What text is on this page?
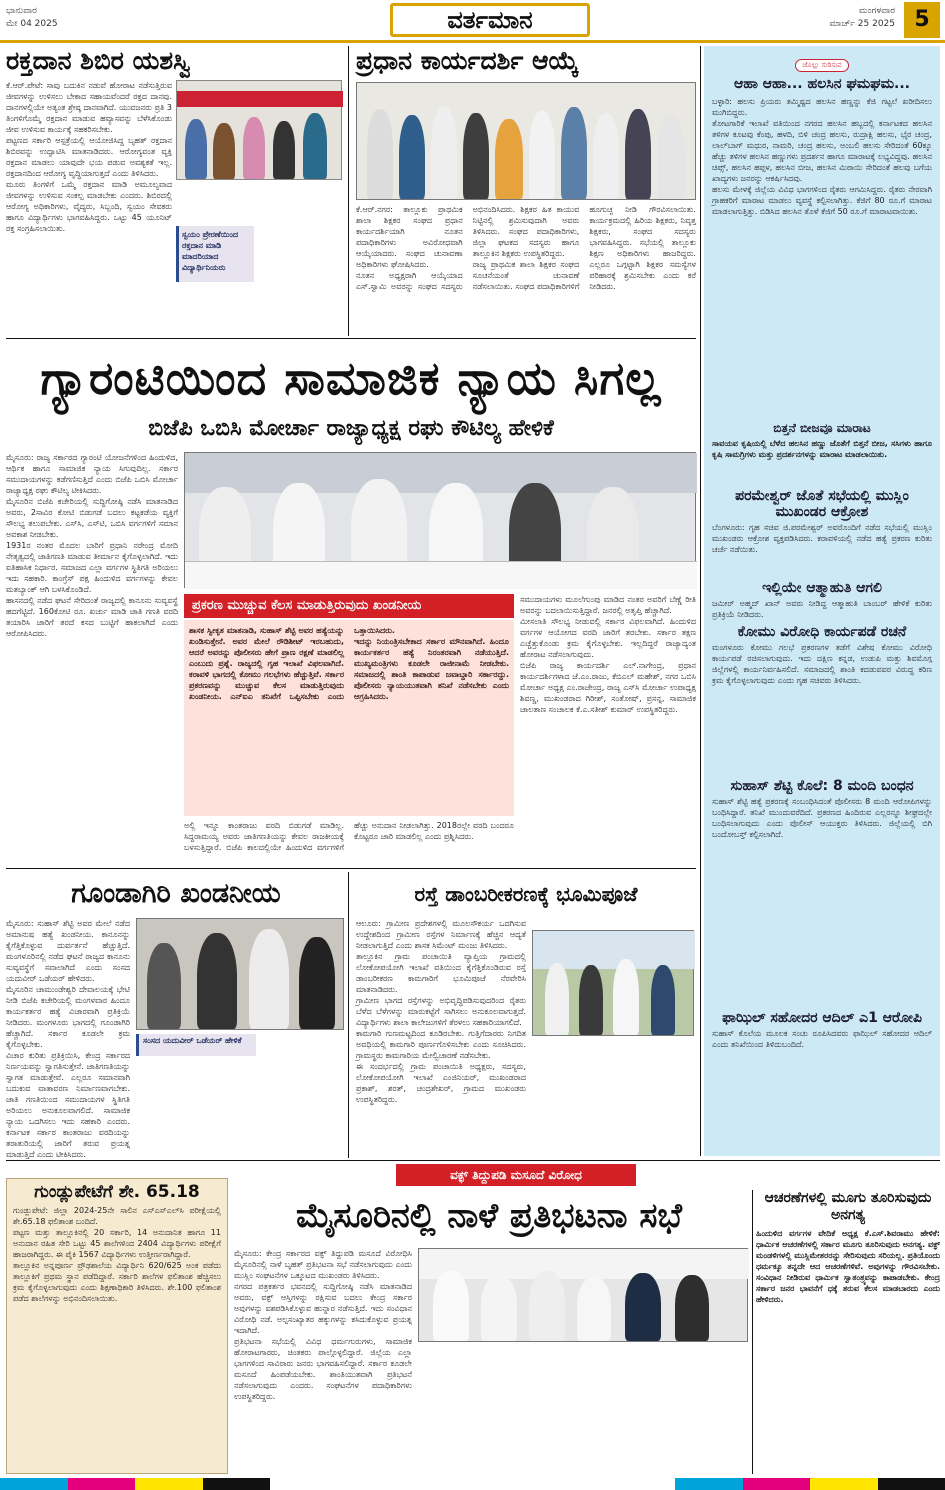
ಭಾನುವಾರ
ಮೇ 04 2025	ವರ್ತಮಾನ	ಮಂಗಳವಾರ
ಮಾರ್ಚ್ 25 2025 5
ರಕ್ತದಾನ ಶಿಬಿರ ಯಶಸ್ವಿ
ಕೆ.ಆರ್.ಪೇಟೆ: ಸಾವು ಬದುಕಿನ ನಡುವೆ ಹೋರಾಟ ನಡೆಸುತ್ತಿರುವ ಜೀವಗಳನ್ನು ಉಳಿಸಲು ಬೇಕಾದ ಸಹಾಯವೆಂದರೆ ರಕ್ತದ ದಾನವು. ದಾನಗಳಲ್ಲಿಯೇ ಅತ್ಯಂತ ಶ್ರೇಷ್ಠ ದಾನವಾಗಿದೆ. ಯುವಜನರು ಪ್ರತಿ 3 ತಿಂಗಳಿಗೊಮ್ಮೆ ರಕ್ತದಾನ ಮಾಡುವ ಹವ್ಯಾಸವನ್ನು ಬೆಳೆಸಿಕೊಂಡು ಜೀವ ಉಳಿಸುವ ಕಾರ್ಯಕ್ಕೆ ಸಹಕರಿಸಬೇಕು.
ಪಟ್ಟಣದ ಸರ್ಕಾರಿ ಆಸ್ಪತ್ರೆಯಲ್ಲಿ ಆಯೋಜಿಸಿದ್ದ ಬೃಹತ್ ರಕ್ತದಾನ ಶಿಬಿರವನ್ನು ಉದ್ಘಾಟಿಸಿ ಮಾತನಾಡಿದರು. ಆರೋಗ್ಯವಂತ ವ್ಯಕ್ತಿ ರಕ್ತದಾನ ಮಾಡಲು ಯಾವುದೇ ಭಯ ಪಡುವ ಅವಶ್ಯಕತೆ ಇಲ್ಲ. ರಕ್ತದಾನದಿಂದ ಆರೋಗ್ಯ ವೃದ್ಧಿಯಾಗುತ್ತದೆ ಎಂದು ತಿಳಿಸಿದರು.
ಮೂರು ತಿಂಗಳಿಗೆ ಒಮ್ಮೆ ರಕ್ತದಾನ ಮಾಡಿ ಅಮೂಲ್ಯವಾದ ಜೀವಗಳನ್ನು ಉಳಿಸುವ ಸಂಕಲ್ಪ ಮಾಡಬೇಕು ಎಂದರು. ಶಿಬಿರದಲ್ಲಿ ಆರೋಗ್ಯ ಅಧಿಕಾರಿಗಳು, ವೈದ್ಯರು, ಸಿಬ್ಬಂದಿ, ಸ್ವಯಂ ಸೇವಕರು ಹಾಗೂ ವಿದ್ಯಾರ್ಥಿಗಳು ಭಾಗವಹಿಸಿದ್ದರು. ಒಟ್ಟು 45 ಯೂನಿಟ್ ರಕ್ತ ಸಂಗ್ರಹಿಸಲಾಯಿತು.
ಸ್ವಯಂ ಪ್ರೇರಣೆಯಿಂದ ರಕ್ತದಾನ ಮಾಡಿ ಮಾದರಿಯಾದ ವಿದ್ಯಾರ್ಥಿನಿಯರು
ಪ್ರಧಾನ ಕಾರ್ಯದರ್ಶಿ ಆಯ್ಕೆ
ಕೆ.ಆರ್.ನಗರ: ತಾಲ್ಲೂಕು ಪ್ರಾಥಮಿಕ ಶಾಲಾ ಶಿಕ್ಷಕರ ಸಂಘದ ಪ್ರಧಾನ ಕಾರ್ಯದರ್ಶಿಯಾಗಿ ನೂತನ ಪದಾಧಿಕಾರಿಗಳು ಅವಿರೋಧವಾಗಿ ಆಯ್ಕೆಯಾದರು. ಸಂಘದ ಚುನಾವಣಾ ಅಧಿಕಾರಿಗಳು ಘೋಷಿಸಿದರು.
ನೂತನ ಅಧ್ಯಕ್ಷರಾಗಿ ಆಯ್ಕೆಯಾದ ಎಸ್.ಸ್ವಾಮಿ ಅವರನ್ನು ಸಂಘದ ಸದಸ್ಯರು ಅಭಿನಂದಿಸಿದರು. ಶಿಕ್ಷಕರ ಹಿತ ಕಾಯುವ ನಿಟ್ಟಿನಲ್ಲಿ ಶ್ರಮಿಸುವುದಾಗಿ ಅವರು ತಿಳಿಸಿದರು. ಸಂಘದ ಪದಾಧಿಕಾರಿಗಳು, ಜಿಲ್ಲಾ ಘಟಕದ ಸದಸ್ಯರು ಹಾಗೂ ತಾಲ್ಲೂಕಿನ ಶಿಕ್ಷಕರು ಉಪಸ್ಥಿತರಿದ್ದರು.
ರಾಜ್ಯ ಪ್ರಾಥಮಿಕ ಶಾಲಾ ಶಿಕ್ಷಕರ ಸಂಘದ ಸೂಚನೆಯಂತೆ ಚುನಾವಣೆ ನಡೆಸಲಾಯಿತು. ಸಂಘದ ಪದಾಧಿಕಾರಿಗಳಿಗೆ ಹೂಗುಚ್ಛ ನೀಡಿ ಗೌರವಿಸಲಾಯಿತು. ಕಾರ್ಯಕ್ರಮದಲ್ಲಿ ಹಿರಿಯ ಶಿಕ್ಷಕರು, ನಿವೃತ್ತ ಶಿಕ್ಷಕರು, ಸಂಘದ ಸದಸ್ಯರು ಭಾಗವಹಿಸಿದ್ದರು. ಸಭೆಯಲ್ಲಿ ತಾಲ್ಲೂಕು ಶಿಕ್ಷಣ ಅಧಿಕಾರಿಗಳು ಹಾಜರಿದ್ದರು. ಎಲ್ಲರೂ ಒಗ್ಗಟ್ಟಾಗಿ ಶಿಕ್ಷಕರ ಸಮಸ್ಯೆಗಳ ಪರಿಹಾರಕ್ಕೆ ಶ್ರಮಿಸಬೇಕು ಎಂದು ಕರೆ ನೀಡಿದರು.
ಜೊಲ್ಲು ಸುರಿಸುವ
ಆಹಾ ಆಹಾ... ಹಲಸಿನ ಘಮಘಮ...
ಬಳ್ಳಾರಿ: ಹಲಸು ಪ್ರಿಯರು ತಮ್ಮಿಷ್ಟದ ಹಲಸಿನ ಹಣ್ಣನ್ನು ಕೆಜಿ ಗಟ್ಟಲೆ ಖರೀದಿಸಲು ಮುಗಿಬಿದ್ದರು.
ತೋಟಗಾರಿಕೆ ಇಲಾಖೆ ವತಿಯಿಂದ ನಗರದ ಹಲಸಿನ ಹಬ್ಬದಲ್ಲಿ ಕರ್ನಾಟಕದ ಹಲಸಿನ ತಳಿಗಳ ಕೂಟವು ಕೆಂಪು, ಹಳದಿ, ಬಿಳಿ ಚಂದ್ರ ಹಲಸು, ರುದ್ರಾಕ್ಷಿ ಹಲಸು, ಭೈರ ಚಂದ್ರ, ಲಾಲ್‌ಬಾಗ್ ಮಧುರ, ನಾಮರಿ, ಚಂದ್ರ ಹಲಸು, ಅಂಬಲಿ ಹಲಸು ಸೇರಿದಂತೆ 60ಕ್ಕೂ ಹೆಚ್ಚು ತಳಿಗಳ ಹಲಸಿನ ಹಣ್ಣುಗಳು ಪ್ರದರ್ಶನ ಹಾಗೂ ಮಾರಾಟಕ್ಕೆ ಲಭ್ಯವಿದ್ದವು. ಹಲಸಿನ ಚಿಪ್ಸ್, ಹಲಸಿನ ಹಪ್ಪಳ, ಹಲಸಿನ ಬೀಜ, ಹಲಸಿನ ಮಿಠಾಯಿ ಸೇರಿದಂತೆ ಹಲವು ಬಗೆಯ ಖಾದ್ಯಗಳು ಜನರನ್ನು ಆಕರ್ಷಿಸಿದವು.
ಹಲಸು ಮೇಳಕ್ಕೆ ಜಿಲ್ಲೆಯ ವಿವಿಧ ಭಾಗಗಳಿಂದ ರೈತರು ಆಗಮಿಸಿದ್ದರು. ರೈತರು ನೇರವಾಗಿ ಗ್ರಾಹಕರಿಗೆ ಮಾರಾಟ ಮಾಡಲು ವ್ಯವಸ್ಥೆ ಕಲ್ಪಿಸಲಾಗಿತ್ತು. ಕೆಜಿಗೆ 80 ರೂ.ಗೆ ಮಾರಾಟ ಮಾಡಲಾಗುತ್ತಿತ್ತು. ಬಿಡಿಸಿದ ಹಲಸಿನ ತೊಳೆ ಕೆಜಿಗೆ 50 ರೂ.ಗೆ ಮಾರಾಟವಾಯಿತು.
ಬಿತ್ತನೆ ಬೀಜವೂ ಮಾರಾಟ
ಸಾವಯವ ಕೃಷಿಯಲ್ಲಿ ಬೆಳೆದ ಹಲಸಿನ ಹಣ್ಣು ಜೊತೆಗೆ ಬಿತ್ತನೆ ಬೀಜ, ಸಸಿಗಳು ಹಾಗೂ ಕೃಷಿ ಸಾಮಗ್ರಿಗಳು ಮತ್ತು ಪ್ರದರ್ಶನಗಳನ್ನು ಮಾರಾಟ ಮಾಡಲಾಯಿತು.
ಪರಮೇಶ್ವರ್ ಜೊತೆ ಸಭೆಯಲ್ಲಿ ಮುಸ್ಲಿಂ ಮುಖಂಡರ ಆಕ್ರೋಶ
ಬೆಂಗಳೂರು: ಗೃಹ ಸಚಿವ ಜಿ.ಪರಮೇಶ್ವರ್ ಅವರೊಂದಿಗೆ ನಡೆದ ಸಭೆಯಲ್ಲಿ ಮುಸ್ಲಿಂ ಮುಖಂಡರು ಆಕ್ರೋಶ ವ್ಯಕ್ತಪಡಿಸಿದರು. ಕರಾವಳಿಯಲ್ಲಿ ನಡೆದ ಹತ್ಯೆ ಪ್ರಕರಣ ಕುರಿತು ಚರ್ಚೆ ನಡೆಯಿತು.
ಇಲ್ಲಿಯೇ ಆತ್ಮಾಹುತಿ ಆಗಲಿ
ಜಮೀರ್ ಅಹ್ಮದ್ ಖಾನ್ ಅವರು ನೀಡಿದ್ದ ಆತ್ಮಾಹುತಿ ಬಾಂಬರ್ ಹೇಳಿಕೆ ಕುರಿತು ಪ್ರತಿಕ್ರಿಯೆ ನೀಡಿದರು.
ಕೋಮು ವಿರೋಧಿ ಕಾರ್ಯಪಡೆ ರಚನೆ
ಮಂಗಳೂರು ಕೋಮು ಗಲಭೆ ಪ್ರಕರಣಗಳ ತಡೆಗೆ ವಿಶೇಷ ಕೋಮು ವಿರೋಧಿ ಕಾರ್ಯಪಡೆ ರಚಿಸಲಾಗುವುದು. ಇದು ದಕ್ಷಿಣ ಕನ್ನಡ, ಉಡುಪಿ ಮತ್ತು ಶಿವಮೊಗ್ಗ ಜಿಲ್ಲೆಗಳಲ್ಲಿ ಕಾರ್ಯನಿರ್ವಹಿಸಲಿದೆ. ಸಮಾಜದಲ್ಲಿ ಶಾಂತಿ ಕದಡುವವರ ವಿರುದ್ಧ ಕಠಿಣ ಕ್ರಮ ಕೈಗೊಳ್ಳಲಾಗುವುದು ಎಂದು ಗೃಹ ಸಚಿವರು ತಿಳಿಸಿದರು.
ಸುಹಾಸ್ ಶೆಟ್ಟಿ ಕೊಲೆ: 8 ಮಂದಿ ಬಂಧನ
ಸುಹಾಸ್ ಶೆಟ್ಟಿ ಹತ್ಯೆ ಪ್ರಕರಣಕ್ಕೆ ಸಂಬಂಧಿಸಿದಂತೆ ಪೊಲೀಸರು 8 ಮಂದಿ ಆರೋಪಿಗಳನ್ನು ಬಂಧಿಸಿದ್ದಾರೆ. ತನಿಖೆ ಮುಂದುವರೆದಿದೆ. ಪ್ರಕರಣದ ಹಿಂದಿರುವ ಎಲ್ಲರನ್ನೂ ಶೀಘ್ರದಲ್ಲೇ ಬಂಧಿಸಲಾಗುವುದು ಎಂದು ಪೊಲೀಸ್ ಆಯುಕ್ತರು ತಿಳಿಸಿದರು. ಜಿಲ್ಲೆಯಲ್ಲಿ ಬಿಗಿ ಬಂದೋಬಸ್ತ್ ಕಲ್ಪಿಸಲಾಗಿದೆ.
ಫಾಝಿಲ್ ಸಹೋದರ ಆದಿಲ್ ಎ1 ಆರೋಪಿ
ಸುಹಾಸ್ ಕೊಲೆಯ ಮೂಲಕ ಸಂಚು ರೂಪಿಸಿದವರು ಫಾಝಿಲ್ ಸಹೋದರ ಆದಿಲ್ ಎಂದು ತನಿಖೆಯಿಂದ ತಿಳಿದುಬಂದಿದೆ.
ಗ್ಯಾರಂಟಿಯಿಂದ ಸಾಮಾಜಿಕ ನ್ಯಾಯ ಸಿಗಲ್ಲ
ಬಿಜೆಪಿ ಒಬಿಸಿ ಮೋರ್ಚಾ ರಾಜ್ಯಾಧ್ಯಕ್ಷ ರಘು ಕೌಟಿಲ್ಯ ಹೇಳಿಕೆ
ಮೈಸೂರು: ರಾಜ್ಯ ಸರ್ಕಾರದ ಗ್ಯಾರಂಟಿ ಯೋಜನೆಗಳಿಂದ ಹಿಂದುಳಿದ, ಆರ್ಥಿಕ ಹಾಗೂ ಸಾಮಾಜಿಕ ನ್ಯಾಯ ಸಿಗುವುದಿಲ್ಲ. ಸರ್ಕಾರ ಸಮುದಾಯಗಳನ್ನು ಕಡೆಗಣಿಸುತ್ತಿದೆ ಎಂದು ಬಿಜೆಪಿ ಒಬಿಸಿ ಮೋರ್ಚಾ ರಾಜ್ಯಾಧ್ಯಕ್ಷ ರಘು ಕೌಟಿಲ್ಯ ಟೀಕಿಸಿದರು.
ಮೈಸೂರಿನ ಬಿಜೆಪಿ ಕಚೇರಿಯಲ್ಲಿ ಸುದ್ದಿಗೋಷ್ಠಿ ನಡೆಸಿ ಮಾತನಾಡಿದ ಅವರು, 2ಸಾವಿರ ಕೋಟಿ ಬಿಡುಗಡೆ ಬದಲು ಕಟ್ಟಕಡೆಯ ವ್ಯಕ್ತಿಗೆ ಸೌಲಭ್ಯ ತಲುಪಬೇಕು. ಎಸ್‌ಸಿ, ಎಸ್‌ಟಿ, ಒಬಿಸಿ ವರ್ಗಗಳಿಗೆ ಸಮಾನ ಅವಕಾಶ ನೀಡಬೇಕು.
1931ರ ನಂತರ ಮೊದಲ ಬಾರಿಗೆ ಪ್ರಧಾನಿ ನರೇಂದ್ರ ಮೋದಿ ನೇತೃತ್ವದಲ್ಲಿ ಜಾತಿಗಣತಿ ಮಾಡುವ ತೀರ್ಮಾನ ಕೈಗೊಳ್ಳಲಾಗಿದೆ. ಇದು ಐತಿಹಾಸಿಕ ನಿರ್ಧಾರ. ಸಮಾಜದ ಎಲ್ಲಾ ವರ್ಗಗಳ ಸ್ಥಿತಿಗತಿ ಅರಿಯಲು ಇದು ಸಹಕಾರಿ. ಕಾಂಗ್ರೆಸ್ ಪಕ್ಷ ಹಿಂದುಳಿದ ವರ್ಗಗಳನ್ನು ಕೇವಲ ಮತಬ್ಯಾಂಕ್ ಆಗಿ ಬಳಸಿಕೊಂಡಿದೆ.
ಹಾಸನದಲ್ಲಿ ನಡೆದ ಘಟನೆ ಸೇರಿದಂತೆ ರಾಜ್ಯದಲ್ಲಿ ಕಾನೂನು ಸುವ್ಯವಸ್ಥೆ ಹದಗೆಟ್ಟಿದೆ. 160ಕೋಟಿ ರೂ. ಖರ್ಚು ಮಾಡಿ ಜಾತಿ ಗಣತಿ ವರದಿ ತಯಾರಿಸಿ ಜಾರಿಗೆ ತರದೆ ಕಸದ ಬುಟ್ಟಿಗೆ ಹಾಕಲಾಗಿದೆ ಎಂದು ಆರೋಪಿಸಿದರು.
ಸಮುದಾಯಗಳು ಮೂಲೆಗುಂಪು ಮಾಡಿದ ನಂತರ ಅವರಿಗೆ ಬೆಣ್ಣೆ ರೀತಿ ಅವರನ್ನು ಬದಲಾಯಿಸುತ್ತಿದ್ದಾರೆ. ಜನರಲ್ಲಿ ಅತೃಪ್ತಿ ಹೆಚ್ಚಾಗಿದೆ.
ಮೀಸಲಾತಿ ಸೌಲಭ್ಯ ನೀಡುವಲ್ಲಿ ಸರ್ಕಾರ ವಿಫಲವಾಗಿದೆ. ಹಿಂದುಳಿದ ವರ್ಗಗಳ ಆಯೋಗದ ವರದಿ ಜಾರಿಗೆ ತರಬೇಕು. ಸರ್ಕಾರ ತಕ್ಷಣ ಎಚ್ಚೆತ್ತುಕೊಂಡು ಕ್ರಮ ಕೈಗೊಳ್ಳಬೇಕು. ಇಲ್ಲದಿದ್ದರೆ ರಾಜ್ಯಾದ್ಯಂತ ಹೋರಾಟ ನಡೆಸಲಾಗುವುದು.
ಬಿಜೆಪಿ ರಾಜ್ಯ ಕಾರ್ಯದರ್ಶಿ ಎಲ್.ನಾಗೇಂದ್ರ, ಪ್ರಧಾನ ಕಾರ್ಯದರ್ಶಿಗಳಾದ ಜೆ.ಎಂ.ರಾಜು, ಕೆಬಿಎಲ್ ಮಹೇಶ್, ನಗರ ಒಬಿಸಿ ಮೋರ್ಚಾ ಅಧ್ಯಕ್ಷ ಎಂ.ರಾಜೇಂದ್ರ, ರಾಜ್ಯ ಎಸ್‌ಸಿ ಮೋರ್ಚಾ ಉಪಾಧ್ಯಕ್ಷ ಶಿವಣ್ಣ, ಮುಖಂಡರಾದ ಗಿರೀಶ್, ಸಂತೋಷ್, ಪ್ರಸನ್ನ, ಸಾಮಾಜಿಕ ಜಾಲತಾಣ ಸಂಚಾಲಕ ಕೆ.ಎ.ಸತೀಶ್ ಕುಮಾರ್ ಉಪಸ್ಥಿತರಿದ್ದರು.
ಪ್ರಕರಣ ಮುಚ್ಚುವ ಕೆಲಸ ಮಾಡುತ್ತಿರುವುದು ಖಂಡನೀಯ
ಶಾಸಕ ಸ್ವೀಕೃತ ಮಾತನಾಡಿ, ಸುಹಾಸ್ ಶೆಟ್ಟಿ ಅವರ ಹತ್ಯೆಯನ್ನು ಖಂಡಿಸುತ್ತೇನೆ. ಅವರ ಮೇಲೆ ರೌಡಿಶೀಟ್ ಇರಬಹುದು, ಆದರೆ ಅವರನ್ನು ಪೊಲೀಸರು ಹೇಗೆ ಪ್ರಾಣ ರಕ್ಷಣೆ ಮಾಡಲಿಲ್ಲ ಎಂಬುದು ಪ್ರಶ್ನೆ. ರಾಜ್ಯದಲ್ಲಿ ಗೃಹ ಇಲಾಖೆ ವಿಫಲವಾಗಿದೆ. ಕರಾವಳಿ ಭಾಗದಲ್ಲಿ ಕೋಮು ಗಲಭೆಗಳು ಹೆಚ್ಚುತ್ತಿವೆ. ಸರ್ಕಾರ ಪ್ರಕರಣವನ್ನು ಮುಚ್ಚುವ ಕೆಲಸ ಮಾಡುತ್ತಿರುವುದು ಖಂಡನೀಯ. ಎನ್ಐಎ ತನಿಖೆಗೆ ಒಪ್ಪಿಸಬೇಕು ಎಂದು ಒತ್ತಾಯಿಸಿದರು.
ಇದನ್ನು ನಿಯಂತ್ರಿಸಬೇಕಾದ ಸರ್ಕಾರ ಮೌನವಾಗಿದೆ. ಹಿಂದೂ ಕಾರ್ಯಕರ್ತರ ಹತ್ಯೆ ನಿರಂತರವಾಗಿ ನಡೆಯುತ್ತಿದೆ. ಮುಖ್ಯಮಂತ್ರಿಗಳು ಕೂಡಲೇ ರಾಜೀನಾಮೆ ನೀಡಬೇಕು. ಸಮಾಜದಲ್ಲಿ ಶಾಂತಿ ಕಾಪಾಡುವ ಜವಾಬ್ದಾರಿ ಸರ್ಕಾರದ್ದು. ಪೊಲೀಸರು ನ್ಯಾಯಯುತವಾಗಿ ತನಿಖೆ ನಡೆಸಬೇಕು ಎಂದು ಆಗ್ರಹಿಸಿದರು.
ಅಲ್ಲಿ ಇನ್ನೂ ಕಾಂತರಾಜು ವರದಿ ಬಿಡುಗಡೆ ಮಾಡಿಲ್ಲ. ಸಿದ್ದರಾಮಯ್ಯ ಅವರು ಜಾತಿಗಣತಿಯನ್ನು ಕೇವಲ ರಾಜಕೀಯಕ್ಕೆ ಬಳಸುತ್ತಿದ್ದಾರೆ. ಬಿಜೆಪಿ ಕಾಲದಲ್ಲಿಯೇ ಹಿಂದುಳಿದ ವರ್ಗಗಳಿಗೆ ಹೆಚ್ಚು ಅನುದಾನ ನೀಡಲಾಗಿತ್ತು. 2018ರಲ್ಲೇ ವರದಿ ಬಂದರೂ ಕೊಟ್ಟರೂ ಜಾರಿ ಮಾಡಲಿಲ್ಲ ಎಂದು ಪ್ರಶ್ನಿಸಿದರು.
ಗೂಂಡಾಗಿರಿ ಖಂಡನೀಯ
ಮೈಸೂರು: ಸುಹಾಸ್ ಶೆಟ್ಟಿ ಅವರ ಮೇಲೆ ನಡೆದ ಅಮಾನುಷ ಹತ್ಯೆ ಖಂಡನೀಯ. ಕಾನೂನನ್ನು ಕೈಗೆತ್ತಿಕೊಳ್ಳುವ ದುರ್ವರ್ತನೆ ಹೆಚ್ಚುತ್ತಿದೆ. ಮಂಗಳೂರಿನಲ್ಲಿ ನಡೆದ ಘಟನೆ ರಾಜ್ಯದ ಕಾನೂನು ಸುವ್ಯವಸ್ಥೆಗೆ ಸವಾಲಾಗಿದೆ ಎಂದು ಸಂಸದ ಯದುವೀರ್ ಒಡೆಯರ್ ಹೇಳಿದರು.
ಮೈಸೂರಿನ ಚಾಮುಂಡೇಶ್ವರಿ ದೇವಾಲಯಕ್ಕೆ ಭೇಟಿ ನೀಡಿ ಬಿಜೆಪಿ ಕಚೇರಿಯಲ್ಲಿ ಮಂಗಳವಾರ ಹಿಂದೂ ಕಾರ್ಯಕರ್ತರ ಹತ್ಯೆ ವಿಚಾರವಾಗಿ ಪ್ರತಿಕ್ರಿಯೆ ನೀಡಿದರು. ಮಂಗಳೂರು ಭಾಗದಲ್ಲಿ ಗೂಂಡಾಗಿರಿ ಹೆಚ್ಚಾಗಿದೆ. ಸರ್ಕಾರ ಕೂಡಲೇ ಕ್ರಮ ಕೈಗೊಳ್ಳಬೇಕು.
ವಿಚಾರ ಕುರಿತು ಪ್ರತಿಕ್ರಿಯಿಸಿ, ಕೇಂದ್ರ ಸರ್ಕಾರದ ನಿರ್ಣಯವನ್ನು ಸ್ವಾಗತಿಸುತ್ತೇನೆ. ಜಾತಿಗಣತಿಯನ್ನು ಸ್ವಾಗತ ಮಾಡುತ್ತೇವೆ. ಎಲ್ಲರೂ ಸಮಾನವಾಗಿ ಬದುಕುವ ವಾತಾವರಣ ನಿರ್ಮಾಣವಾಗಬೇಕು. ಜಾತಿ ಗಣತಿಯಿಂದ ಸಮುದಾಯಗಳ ಸ್ಥಿತಿಗತಿ ಅರಿಯಲು ಅನುಕೂಲವಾಗಲಿದೆ. ಸಾಮಾಜಿಕ ನ್ಯಾಯ ಒದಗಿಸಲು ಇದು ಸಹಕಾರಿ ಎಂದರು. ಕರ್ನಾಟಕ ಸರ್ಕಾರ ಕಾಂತರಾಜು ವರದಿಯನ್ನು ತರಾತುರಿಯಲ್ಲಿ ಜಾರಿಗೆ ತರುವ ಪ್ರಯತ್ನ ಮಾಡುತ್ತಿದೆ ಎಂದು ಟೀಕಿಸಿದರು.
ಸಂಸದ ಯದುವೀರ್ ಒಡೆಯರ್ ಹೇಳಿಕೆ
ರಸ್ತೆ ಡಾಂಬರೀಕರಣಕ್ಕೆ ಭೂಮಿಪೂಜೆ
ಆಲೂರು: ಗ್ರಾಮೀಣ ಪ್ರದೇಶಗಳಲ್ಲಿ ಮೂಲಸೌಕರ್ಯ ಒದಗಿಸುವ ಉದ್ದೇಶದಿಂದ ಗ್ರಾಮೀಣ ರಸ್ತೆಗಳ ನಿರ್ಮಾಣಕ್ಕೆ ಹೆಚ್ಚಿನ ಆದ್ಯತೆ ನೀಡಲಾಗುತ್ತಿದೆ ಎಂದು ಶಾಸಕ ಸಿಮೆಂಟ್ ಮಂಜು ತಿಳಿಸಿದರು.
ತಾಲ್ಲೂಕಿನ ಗ್ರಾಮ ಪಂಚಾಯಿತಿ ವ್ಯಾಪ್ತಿಯ ಗ್ರಾಮದಲ್ಲಿ ಲೋಕೋಪಯೋಗಿ ಇಲಾಖೆ ವತಿಯಿಂದ ಕೈಗೆತ್ತಿಕೊಂಡಿರುವ ರಸ್ತೆ ಡಾಂಬರೀಕರಣ ಕಾಮಗಾರಿಗೆ ಭೂಮಿಪೂಜೆ ನೆರವೇರಿಸಿ ಮಾತನಾಡಿದರು.
ಗ್ರಾಮೀಣ ಭಾಗದ ರಸ್ತೆಗಳನ್ನು ಅಭಿವೃದ್ಧಿಪಡಿಸುವುದರಿಂದ ರೈತರು ಬೆಳೆದ ಬೆಳೆಗಳನ್ನು ಮಾರುಕಟ್ಟೆಗೆ ಸಾಗಿಸಲು ಅನುಕೂಲವಾಗುತ್ತದೆ. ವಿದ್ಯಾರ್ಥಿಗಳು ಶಾಲಾ ಕಾಲೇಜುಗಳಿಗೆ ತೆರಳಲು ಸಹಕಾರಿಯಾಗಲಿದೆ.
ಕಾಮಗಾರಿ ಗುಣಮಟ್ಟದಿಂದ ಕೂಡಿರಬೇಕು. ಗುತ್ತಿಗೆದಾರರು ನಿಗದಿತ ಅವಧಿಯಲ್ಲಿ ಕಾಮಗಾರಿ ಪೂರ್ಣಗೊಳಿಸಬೇಕು ಎಂದು ಸೂಚಿಸಿದರು. ಗ್ರಾಮಸ್ಥರು ಕಾಮಗಾರಿಯ ಮೇಲ್ವಿಚಾರಣೆ ನಡೆಸಬೇಕು.
ಈ ಸಂದರ್ಭದಲ್ಲಿ ಗ್ರಾಮ ಪಂಚಾಯಿತಿ ಅಧ್ಯಕ್ಷರು, ಸದಸ್ಯರು, ಲೋಕೋಪಯೋಗಿ ಇಲಾಖೆ ಎಂಜಿನಿಯರ್, ಮುಖಂಡರಾದ ಪ್ರಕಾಶ್, ಶರತ್, ಚಂದ್ರಶೇಖರ್, ಗ್ರಾಮದ ಮುಖಂಡರು ಉಪಸ್ಥಿತರಿದ್ದರು.
ಗುಂಡ್ಲುಪೇಟೆಗೆ ಶೇ. 65.18
ಗುಂಡ್ಲುಪೇಟೆ: ಜಿಲ್ಲಾ 2024-25ನೇ ಸಾಲಿನ ಎಸ್‌ಎಸ್‌ಎಲ್‌ಸಿ ಪರೀಕ್ಷೆಯಲ್ಲಿ ಶೇ.65.18 ಫಲಿತಾಂಶ ಬಂದಿದೆ.
ಪಟ್ಟಣ ಮತ್ತು ತಾಲ್ಲೂಕಿನಲ್ಲಿ 20 ಸರ್ಕಾರಿ, 14 ಅನುದಾನಿತ ಹಾಗೂ 11 ಅನುದಾನ ರಹಿತ ಸೇರಿ ಒಟ್ಟು 45 ಶಾಲೆಗಳಿಂದ 2404 ವಿದ್ಯಾರ್ಥಿಗಳು ಪರೀಕ್ಷೆಗೆ ಹಾಜರಾಗಿದ್ದರು. ಈ ಪೈಕಿ 1567 ವಿದ್ಯಾರ್ಥಿಗಳು ಉತ್ತೀರ್ಣರಾಗಿದ್ದಾರೆ.
ತಾಲ್ಲೂಕಿನ ಅನ್ನಪೂರ್ಣ ಪ್ರೌಢಶಾಲೆಯ ವಿದ್ಯಾರ್ಥಿನಿ 620/625 ಅಂಕ ಪಡೆದು ತಾಲ್ಲೂಕಿಗೆ ಪ್ರಥಮ ಸ್ಥಾನ ಪಡೆದಿದ್ದಾರೆ. ಸರ್ಕಾರಿ ಶಾಲೆಗಳ ಫಲಿತಾಂಶ ಹೆಚ್ಚಿಸಲು ಕ್ರಮ ಕೈಗೊಳ್ಳಲಾಗುವುದು ಎಂದು ಶಿಕ್ಷಣಾಧಿಕಾರಿ ತಿಳಿಸಿದರು. ಶೇ.100 ಫಲಿತಾಂಶ ಪಡೆದ ಶಾಲೆಗಳನ್ನು ಅಭಿನಂದಿಸಲಾಯಿತು.
ವಕ್ಫ್ ತಿದ್ದುಪಡಿ ಮಸೂದೆ ವಿರೋಧ
ಮೈಸೂರಿನಲ್ಲಿ ನಾಳೆ ಪ್ರತಿಭಟನಾ ಸಭೆ
ಮೈಸೂರು: ಕೇಂದ್ರ ಸರ್ಕಾರದ ವಕ್ಫ್ ತಿದ್ದುಪಡಿ ಮಸೂದೆ ವಿರೋಧಿಸಿ ಮೈಸೂರಿನಲ್ಲಿ ನಾಳೆ ಬೃಹತ್ ಪ್ರತಿಭಟನಾ ಸಭೆ ನಡೆಸಲಾಗುವುದು ಎಂದು ಮುಸ್ಲಿಂ ಸಂಘಟನೆಗಳ ಒಕ್ಕೂಟದ ಮುಖಂಡರು ತಿಳಿಸಿದರು.
ನಗರದ ಪತ್ರಕರ್ತರ ಭವನದಲ್ಲಿ ಸುದ್ದಿಗೋಷ್ಠಿ ನಡೆಸಿ ಮಾತನಾಡಿದ ಅವರು, ವಕ್ಫ್ ಆಸ್ತಿಗಳನ್ನು ರಕ್ಷಿಸುವ ಬದಲು ಕೇಂದ್ರ ಸರ್ಕಾರ ಅವುಗಳನ್ನು ವಶಪಡಿಸಿಕೊಳ್ಳುವ ಹುನ್ನಾರ ನಡೆಸುತ್ತಿದೆ. ಇದು ಸಂವಿಧಾನ ವಿರೋಧಿ ನಡೆ. ಅಲ್ಪಸಂಖ್ಯಾತರ ಹಕ್ಕುಗಳನ್ನು ಕಸಿದುಕೊಳ್ಳುವ ಪ್ರಯತ್ನ ಇದಾಗಿದೆ.
ಪ್ರತಿಭಟನಾ ಸಭೆಯಲ್ಲಿ ವಿವಿಧ ಧರ್ಮಗುರುಗಳು, ಸಾಮಾಜಿಕ ಹೋರಾಟಗಾರರು, ಚಿಂತಕರು ಪಾಲ್ಗೊಳ್ಳಲಿದ್ದಾರೆ. ಜಿಲ್ಲೆಯ ಎಲ್ಲಾ ಭಾಗಗಳಿಂದ ಸಾವಿರಾರು ಜನರು ಭಾಗವಹಿಸಲಿದ್ದಾರೆ. ಸರ್ಕಾರ ಕೂಡಲೇ ಮಸೂದೆ ಹಿಂಪಡೆಯಬೇಕು. ಶಾಂತಿಯುತವಾಗಿ ಪ್ರತಿಭಟನೆ ನಡೆಸಲಾಗುವುದು ಎಂದರು. ಸಂಘಟನೆಗಳ ಪದಾಧಿಕಾರಿಗಳು ಉಪಸ್ಥಿತರಿದ್ದರು.
ಆಚರಣೆಗಳಲ್ಲಿ ಮೂಗು ತೂರಿಸುವುದು ಅನಗತ್ಯ
ಹಿಂದುಳಿದ ವರ್ಗಗಳ ವೇದಿಕೆ ಅಧ್ಯಕ್ಷ ಕೆ.ಎಸ್.ಶಿವರಾಮು ಹೇಳಿಕೆ: ಧಾರ್ಮಿಕ ಆಚರಣೆಗಳಲ್ಲಿ ಸರ್ಕಾರ ಮೂಗು ತೂರಿಸುವುದು ಅನಗತ್ಯ. ವಕ್ಫ್ ಮಂಡಳಿಗಳಲ್ಲಿ ಮುಸ್ಲಿಮೇತರರನ್ನು ಸೇರಿಸುವುದು ಸರಿಯಲ್ಲ. ಪ್ರತಿಯೊಂದು ಧರ್ಮಕ್ಕೂ ತನ್ನದೇ ಆದ ಆಚರಣೆಗಳಿವೆ. ಅವುಗಳನ್ನು ಗೌರವಿಸಬೇಕು. ಸಂವಿಧಾನ ನೀಡಿರುವ ಧಾರ್ಮಿಕ ಸ್ವಾತಂತ್ರ್ಯವನ್ನು ಕಾಪಾಡಬೇಕು. ಕೇಂದ್ರ ಸರ್ಕಾರ ಜನರ ಭಾವನೆಗೆ ಧಕ್ಕೆ ತರುವ ಕೆಲಸ ಮಾಡಬಾರದು ಎಂದು ಹೇಳಿದರು.
